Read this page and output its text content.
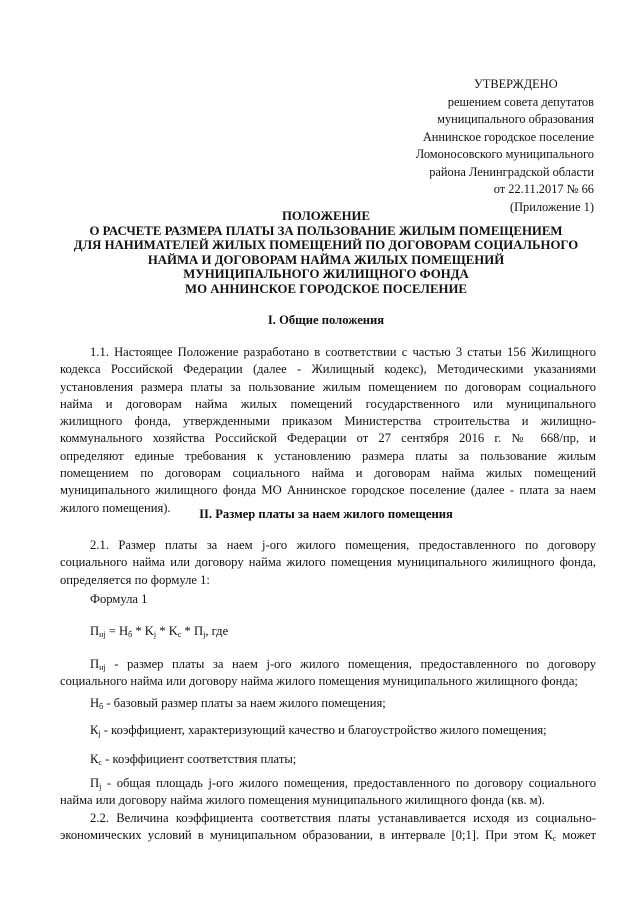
УТВЕРЖДЕНО
решением совета депутатов
муниципального образования
Аннинское городское поселение
Ломоносовского муниципального
района Ленинградской области
от 22.11.2017 № 66
(Приложение 1)
ПОЛОЖЕНИЕ
О РАСЧЕТЕ РАЗМЕРА ПЛАТЫ ЗА ПОЛЬЗОВАНИЕ ЖИЛЫМ ПОМЕЩЕНИЕМ
ДЛЯ НАНИМАТЕЛЕЙ ЖИЛЫХ ПОМЕЩЕНИЙ ПО ДОГОВОРАМ СОЦИАЛЬНОГО
НАЙМА И ДОГОВОРАМ НАЙМА ЖИЛЫХ ПОМЕЩЕНИЙ
МУНИЦИПАЛЬНОГО ЖИЛИЩНОГО ФОНДА
МО АННИНСКОЕ ГОРОДСКОЕ ПОСЕЛЕНИЕ
I. Общие положения
1.1. Настоящее Положение разработано в соответствии с частью 3 статьи 156 Жилищного
кодекса Российской Федерации (далее - Жилищный кодекс), Методическими указаниями
установления размера платы за пользование жилым помещением по договорам социального
найма и договорам найма жилых помещений государственного или муниципального
жилищного фонда, утвержденными приказом Министерства строительства и жилищно-
коммунального хозяйства Российской Федерации от 27 сентября 2016 г. № 668/пр, и
определяют единые требования к установлению размера платы за пользование жилым
помещением по договорам социального найма и договорам найма жилых помещений
муниципального жилищного фонда МО Аннинское городское поселение (далее - плата за наем
жилого помещения).	II. Размер платы за наем жилого помещения
2.1. Размер платы за наем j-ого жилого помещения, предоставленного по договору
социального найма или договору найма жилого помещения муниципального жилищного фонда,
определяется по формуле 1:
Формула 1
$П_{нj} = Н_б * K_j * K_c * П_j$, где
$П_{нj}$ - размер платы за наем j-ого жилого помещения, предоставленного по договору
социального найма или договору найма жилого помещения муниципального жилищного фонда;
$Н_б$ - базовый размер платы за наем жилого помещения;
$К_j$ - коэффициент, характеризующий качество и благоустройство жилого помещения;
$К_с$ - коэффициент соответствия платы;
$П_j$ - общая площадь j-ого жилого помещения, предоставленного по договору социального
найма или договору найма жилого помещения муниципального жилищного фонда (кв. м).
2.2. Величина коэффициента соответствия платы устанавливается исходя из социально-
экономических условий в муниципальном образовании, в интервале [0;1]. При этом $К_с$ может
